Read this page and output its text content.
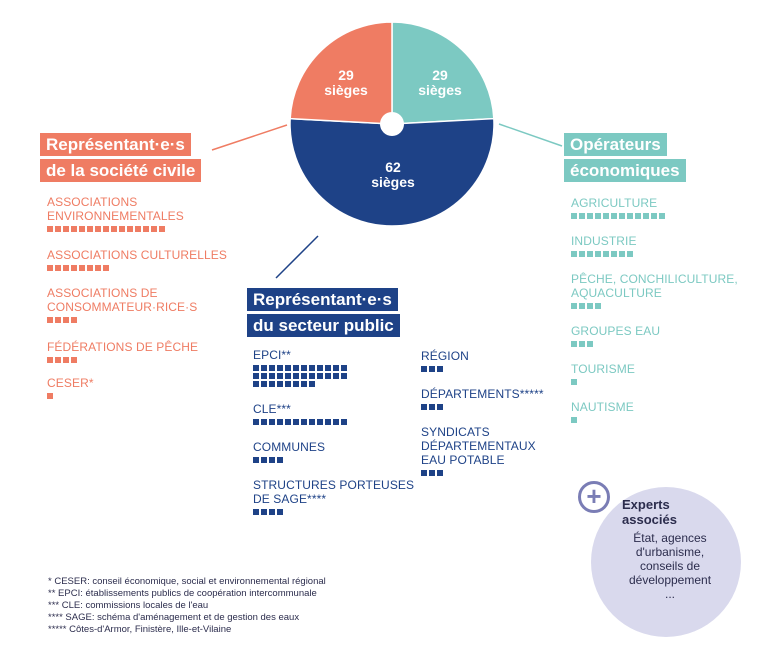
29
sièges
29
sièges
62
sièges
Représentant·e·s
de la société civile
ASSOCIATIONS
ENVIRONNEMENTALES
ASSOCIATIONS CULTURELLES
ASSOCIATIONS DE
CONSOMMATEUR·RICE·S
FÉDÉRATIONS DE PÊCHE
CESER*
Représentant·e·s
du secteur public
EPCI**
CLE***
COMMUNES
STRUCTURES PORTEUSES
DE SAGE****
RÉGION
DÉPARTEMENTS*****
SYNDICATS
DÉPARTEMENTAUX
EAU POTABLE
Opérateurs
économiques
AGRICULTURE
INDUSTRIE
PÊCHE, CONCHILICULTURE,
AQUACULTURE
GROUPES EAU
TOURISME
NAUTISME
+	Experts
associés
État, agences
d'urbanisme,
conseils de
développement
...
* CESER: conseil économique, social et environnemental régional
** EPCI: établissements publics de coopération intercommunale
*** CLE: commissions locales de l'eau
**** SAGE: schéma d'aménagement et de gestion des eaux
***** Côtes-d'Armor, Finistère, Ille-et-Vilaine
